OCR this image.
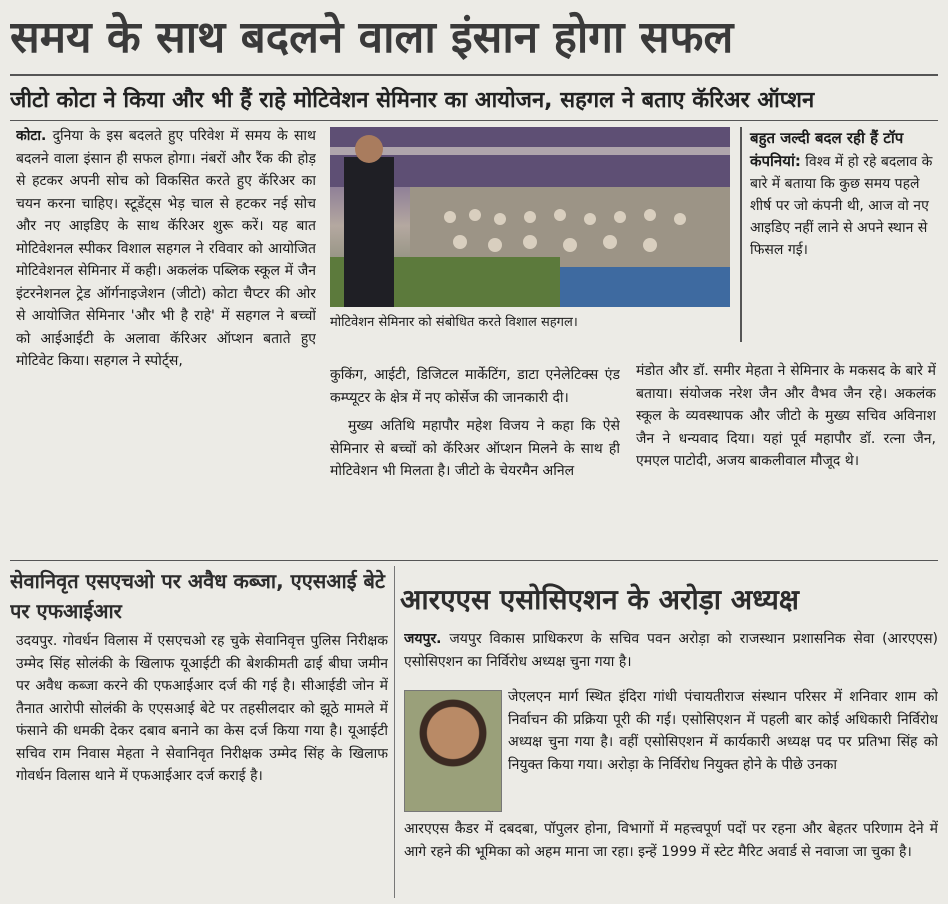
समय के साथ बदलने वाला इंसान होगा सफल
जीटो कोटा ने किया और भी हैं राहे मोटिवेशन सेमिनार का आयोजन, सहगल ने बताए कॅरिअर ऑप्शन
कोटा. दुनिया के इस बदलते हुए परिवेश में समय के साथ बदलने वाला इंसान ही सफल होगा। नंबरों और रैंक की होड़ से हटकर अपनी सोच को विकसित करते हुए कॅरिअर का चयन करना चाहिए। स्टूडेंट्स भेड़ चाल से हटकर नई सोच और नए आइडिए के साथ कॅरिअर शुरू करें। यह बात मोटिवेशनल स्पीकर विशाल सहगल ने रविवार को आयोजित मोटिवेशनल सेमिनार में कही। अकलंक पब्लिक स्कूल में जैन इंटरनेशनल ट्रेड ऑर्गनाइजेशन (जीटो) कोटा चैप्टर की ओर से आयोजित सेमिनार 'और भी है राहे' में सहगल ने बच्चों को आईआईटी के अलावा कॅरिअर ऑप्शन बताते हुए मोटिवेट किया। सहगल ने स्पोर्ट्स,
मोटिवेशन सेमिनार को संबोधित करते विशाल सहगल।
बहुत जल्दी बदल रही हैं टॉप कंपनियां: विश्व में हो रहे बदलाव के बारे में बताया कि कुछ समय पहले शीर्ष पर जो कंपनी थी, आज वो नए आइडिए नहीं लाने से अपने स्थान से फिसल गई।

कुकिंग, आईटी, डिजिटल मार्केटिंग, डाटा एनेलेटिक्स एंड कम्प्यूटर के क्षेत्र में नए कोर्सेज की जानकारी दी।

मुख्य अतिथि महापौर महेश विजय ने कहा कि ऐसे सेमिनार से बच्चों को कॅरिअर ऑप्शन मिलने के साथ ही मोटिवेशन भी मिलता है। जीटो के चेयरमैन अनिल

मंडोत और डॉ. समीर मेहता ने सेमिनार के मकसद के बारे में बताया। संयोजक नरेश जैन और वैभव जैन रहे। अकलंक स्कूल के व्यवस्थापक और जीटो के मुख्य सचिव अविनाश जैन ने धन्यवाद दिया। यहां पूर्व महापौर डॉ. रत्ना जैन, एमएल पाटोदी, अजय बाकलीवाल मौजूद थे।
सेवानिवृत एसएचओ पर अवैध कब्जा, एएसआई बेटे पर एफआईआर
उदयपुर. गोवर्धन विलास में एसएचओ रह चुके सेवानिवृत्त पुलिस निरीक्षक उम्मेद सिंह सोलंकी के खिलाफ यूआईटी की बेशकीमती ढाई बीघा जमीन पर अवैध कब्जा करने की एफआईआर दर्ज की गई है। सीआईडी जोन में तैनात आरोपी सोलंकी के एएसआई बेटे पर तहसीलदार को झूठे मामले में फंसाने की धमकी देकर दबाव बनाने का केस दर्ज किया गया है। यूआईटी सचिव राम निवास मेहता ने सेवानिवृत निरीक्षक उम्मेद सिंह के खिलाफ गोवर्धन विलास थाने में एफआईआर दर्ज कराई है।
आरएएस एसोसिएशन के अरोड़ा अध्यक्ष
जयपुर. जयपुर विकास प्राधिकरण के सचिव पवन अरोड़ा को राजस्थान प्रशासनिक सेवा (आरएएस) एसोसिएशन का निर्विरोध अध्यक्ष चुना गया है।
जेएलएन मार्ग स्थित इंदिरा गांधी पंचायतीराज संस्थान परिसर में शनिवार शाम को निर्वाचन की प्रक्रिया पूरी की गई। एसोसिएशन में पहली बार कोई अधिकारी निर्विरोध अध्यक्ष चुना गया है। वहीं एसोसिएशन में कार्यकारी अध्यक्ष पद पर प्रतिभा सिंह को नियुक्त किया गया। अरोड़ा के निर्विरोध नियुक्त होने के पीछे उनका
आरएएस कैडर में दबदबा, पॉपुलर होना, विभागों में महत्त्वपूर्ण पदों पर रहना और बेहतर परिणाम देने में आगे रहने की भूमिका को अहम माना जा रहा। इन्हें 1999 में स्टेट मैरिट अवार्ड से नवाजा जा चुका है।
